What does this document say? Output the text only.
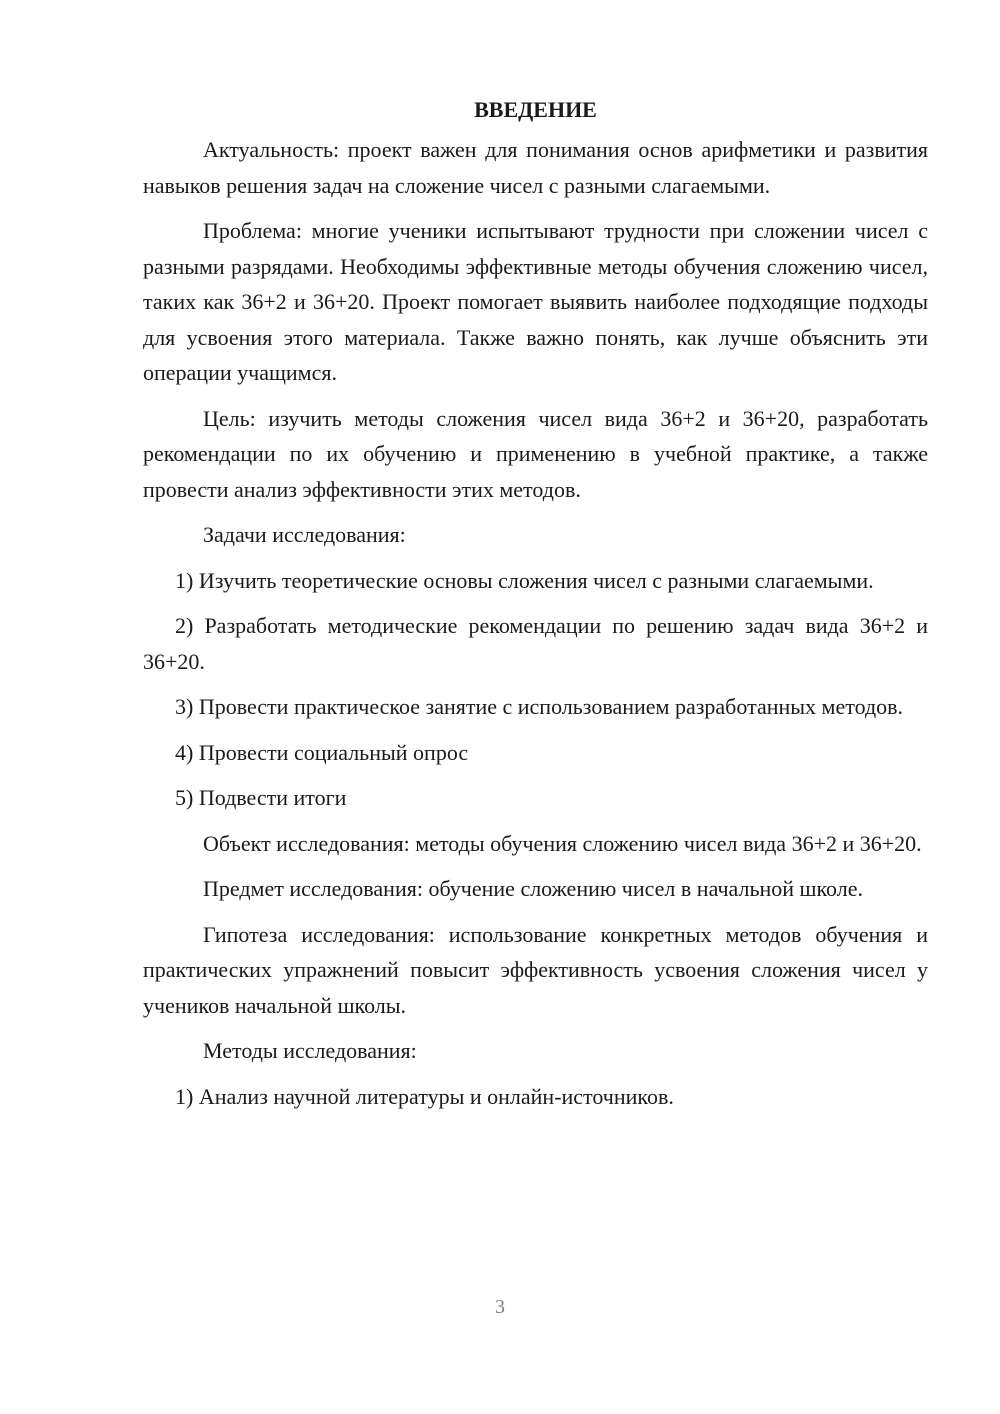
ВВЕДЕНИЕ
Актуальность: проект важен для понимания основ арифметики и развития навыков решения задач на сложение чисел с разными слагаемыми.
Проблема: многие ученики испытывают трудности при сложении чисел с разными разрядами. Необходимы эффективные методы обучения сложению чисел, таких как 36+2 и 36+20. Проект помогает выявить наиболее подходящие подходы для усвоения этого материала. Также важно понять, как лучше объяснить эти операции учащимся.
Цель: изучить методы сложения чисел вида 36+2 и 36+20, разработать рекомендации по их обучению и применению в учебной практике, а также провести анализ эффективности этих методов.
Задачи исследования:
1) Изучить теоретические основы сложения чисел с разными слагаемыми.
2) Разработать методические рекомендации по решению задач вида 36+2 и 36+20.
3) Провести практическое занятие с использованием разработанных методов.
4) Провести социальный опрос
5) Подвести итоги
Объект исследования: методы обучения сложению чисел вида 36+2 и 36+20.
Предмет исследования: обучение сложению чисел в начальной школе.
Гипотеза исследования: использование конкретных методов обучения и практических упражнений повысит эффективность усвоения сложения чисел у учеников начальной школы.
Методы исследования:
1) Анализ научной литературы и онлайн-источников.
3
